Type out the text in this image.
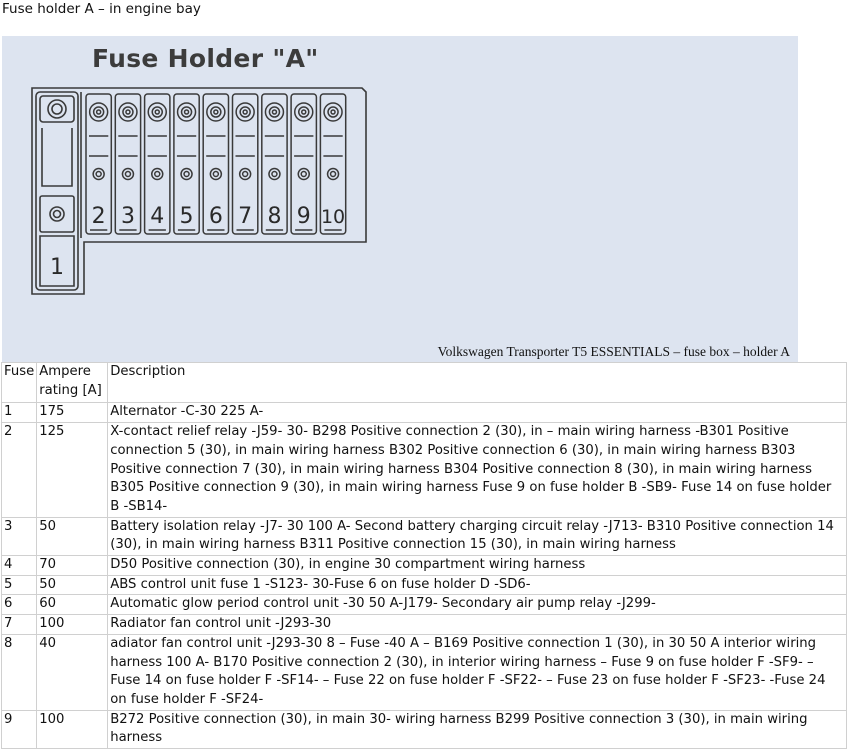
Fuse holder A – in engine bay
Fuse Holder "A"
2 3 4 5 6 7 8 9 10
1
Volkswagen Transporter T5 ESSENTIALS – fuse box – holder A
Fuse	Ampere rating [A]	Description
1	175	Alternator -C-30 225 A-
2	125	X-contact relief relay -J59- 30- B298 Positive connection 2 (30), in – main wiring harness -B301 Positive connection 5 (30), in main wiring harness B302 Positive connection 6 (30), in main wiring harness B303 Positive connection 7 (30), in main wiring harness B304 Positive connection 8 (30), in main wiring harness B305 Positive connection 9 (30), in main wiring harness Fuse 9 on fuse holder B -SB9- Fuse 14 on fuse holder B -SB14-
3	50	Battery isolation relay -J7- 30 100 A- Second battery charging circuit relay -J713- B310 Positive connection 14 (30), in main wiring harness B311 Positive connection 15 (30), in main wiring harness
4	70	D50 Positive connection (30), in engine 30 compartment wiring harness
5	50	ABS control unit fuse 1 -S123- 30-Fuse 6 on fuse holder D -SD6-
6	60	Automatic glow period control unit -30 50 A-J179- Secondary air pump relay -J299-
7	100	Radiator fan control unit -J293-30
8	40	adiator fan control unit -J293-30 8 – Fuse -40 A – B169 Positive connection 1 (30), in 30 50 A interior wiring harness 100 A- B170 Positive connection 2 (30), in interior wiring harness – Fuse 9 on fuse holder F -SF9- – Fuse 14 on fuse holder F -SF14- – Fuse 22 on fuse holder F -SF22- – Fuse 23 on fuse holder F -SF23- -Fuse 24 on fuse holder F -SF24-
9	100	B272 Positive connection (30), in main 30- wiring harness B299 Positive connection 3 (30), in main wiring harness
